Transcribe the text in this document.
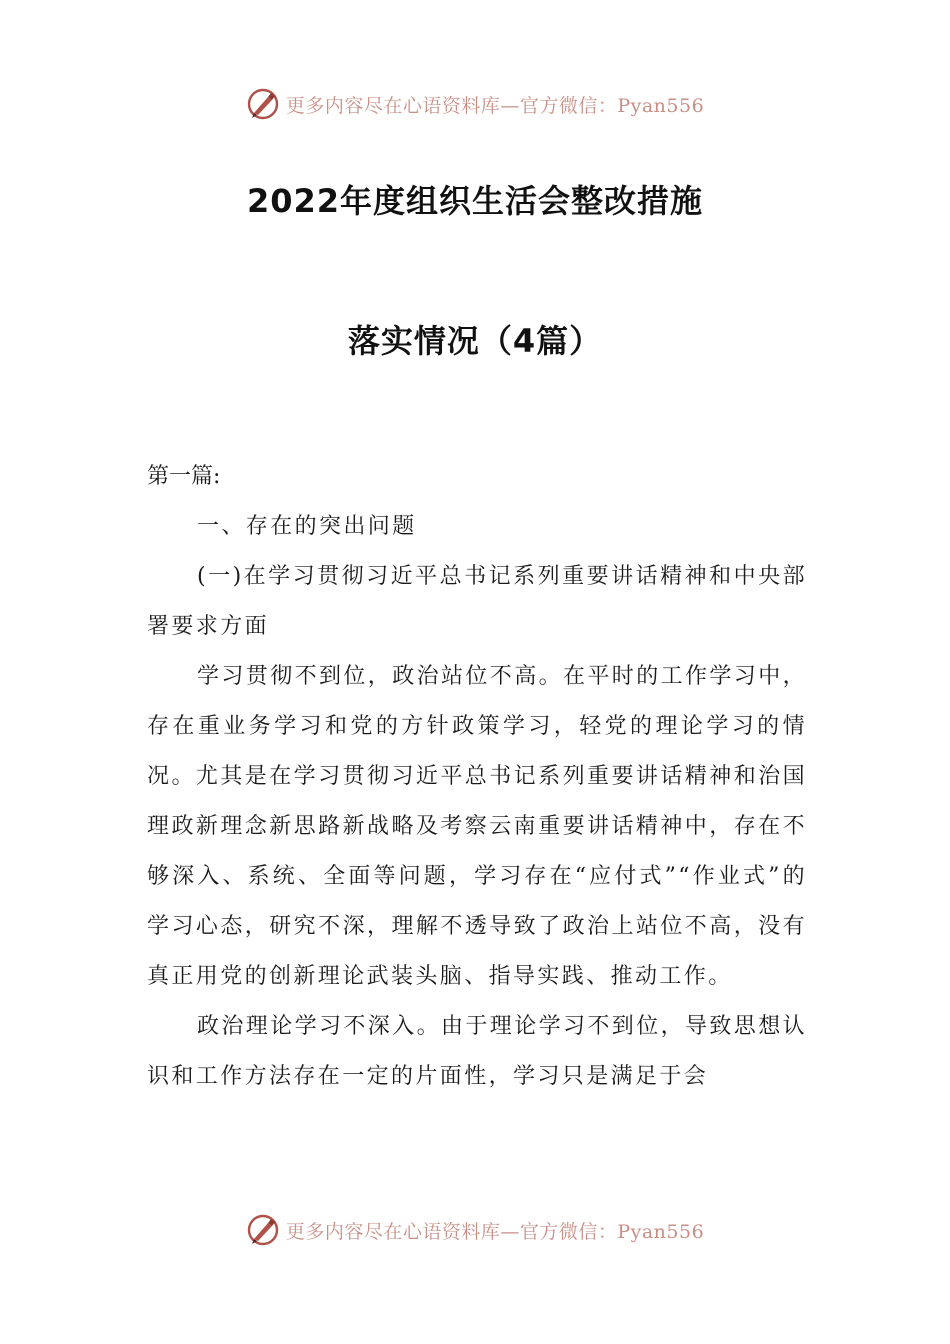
更多内容尽在心语资料库—官方微信：Pyan556
2022年度组织生活会整改措施
落实情况（4篇）

第一篇:

一、存在的突出问题

(一)在学习贯彻习近平总书记系列重要讲话精神和中央部署要求方面

学习贯彻不到位，政治站位不高。在平时的工作学习中，存在重业务学习和党的方针政策学习，轻党的理论学习的情况。尤其是在学习贯彻习近平总书记系列重要讲话精神和治国理政新理念新思路新战略及考察云南重要讲话精神中，存在不够深入、系统、全面等问题，学习存在“应付式”“作业式”的学习心态，研究不深，理解不透导致了政治上站位不高，没有真正用党的创新理论武装头脑、指导实践、推动工作。

政治理论学习不深入。由于理论学习不到位，导致思想认识和工作方法存在一定的片面性，学习只是满足于会

更多内容尽在心语资料库—官方微信：Pyan556
